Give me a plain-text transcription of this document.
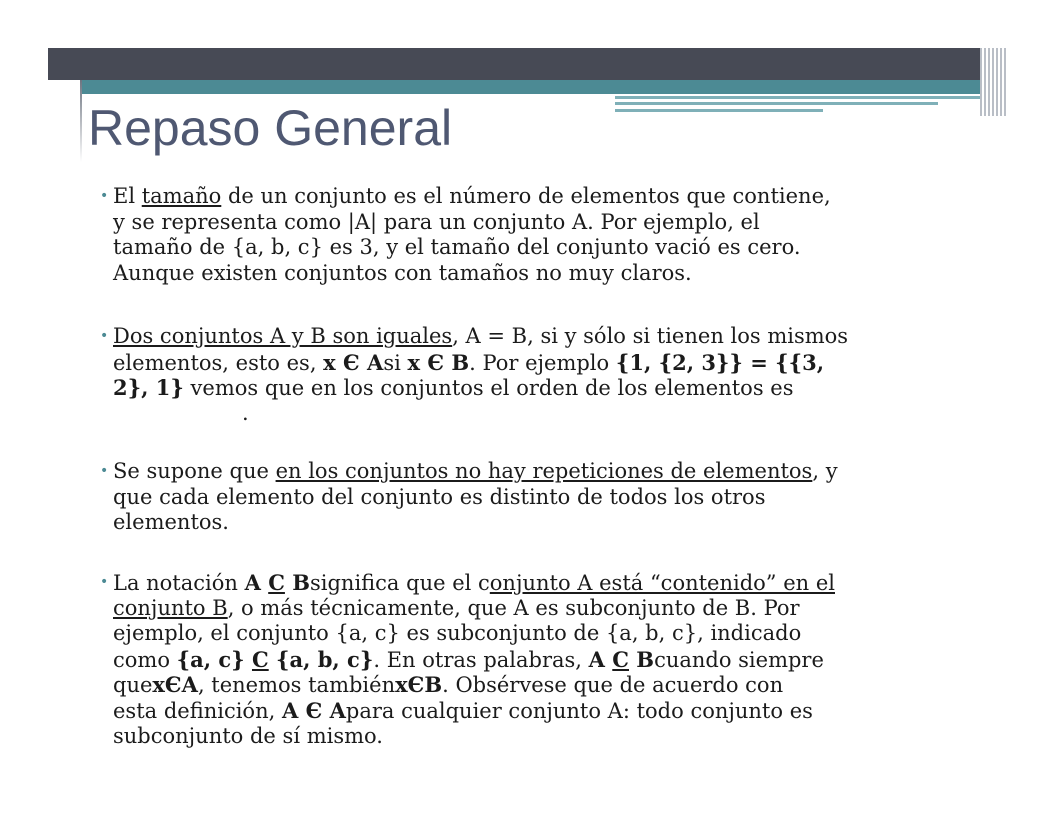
Repaso General
• El tamaño de un conjunto es el número de elementos que contiene,
y se representa como |A| para un conjunto A. Por ejemplo, el
tamaño de {a, b, c} es 3, y el tamaño del conjunto vació es cero.
Aunque existen conjuntos con tamaños no muy claros.
• Dos conjuntos A y B son iguales, A = B, si y sólo si tienen los mismos
elementos, esto es, x Є Asi x Є B. Por ejemplo {1, {2, 3}} = {{3,
2}, 1} vemos que en los conjuntos el orden de los elementos es
.
• Se supone que en los conjuntos no hay repeticiones de elementos, y
que cada elemento del conjunto es distinto de todos los otros
elementos.
• La notación A C Bsignifica que el conjunto A está “contenido” en el
conjunto B, o más técnicamente, que A es subconjunto de B. Por
ejemplo, el conjunto {a, c} es subconjunto de {a, b, c}, indicado
como {a, c} C {a, b, c}. En otras palabras, A C Bcuando siempre
quexЄA, tenemos tambiénxЄB. Obsérvese que de acuerdo con
esta definición, A Є Apara cualquier conjunto A: todo conjunto es
subconjunto de sí mismo.
